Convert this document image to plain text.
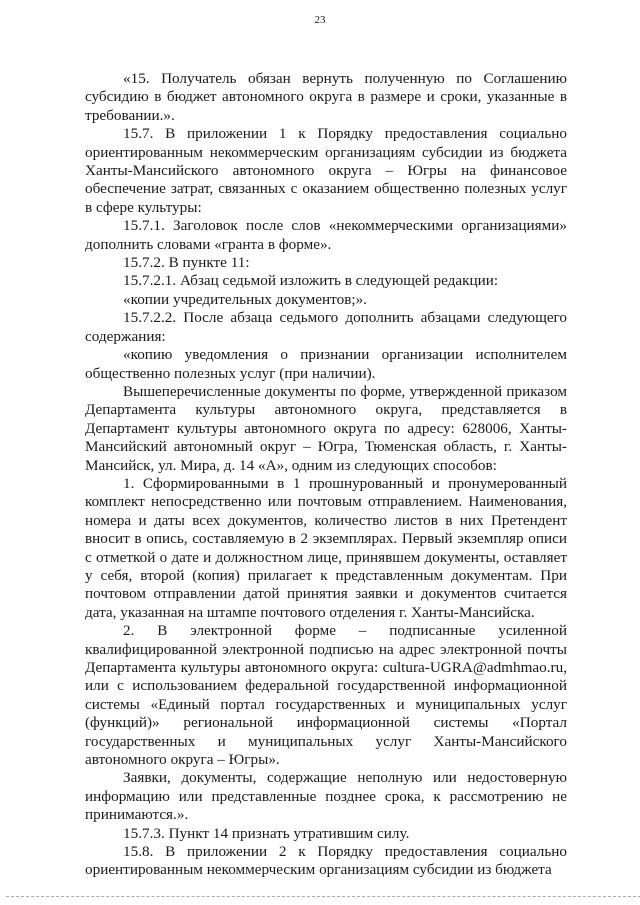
23

«15. Получатель обязан вернуть полученную по Соглашению субсидию в бюджет автономного округа в размере и сроки, указанные в требовании.».

15.7. В приложении 1 к Порядку предоставления социально ориентированным некоммерческим организациям субсидии из бюджета Ханты-Мансийского автономного округа – Югры на финансовое обеспечение затрат, связанных с оказанием общественно полезных услуг в сфере культуры:

15.7.1. Заголовок после слов «некоммерческими организациями» дополнить словами «гранта в форме».

15.7.2. В пункте 11:

15.7.2.1. Абзац седьмой изложить в следующей редакции:

«копии учредительных документов;».

15.7.2.2. После абзаца седьмого дополнить абзацами следующего содержания:

«копию уведомления о признании организации исполнителем общественно полезных услуг (при наличии).

Вышеперечисленные документы по форме, утвержденной приказом Департамента культуры автономного округа, представляется в Департамент культуры автономного округа по адресу: 628006, Ханты-Мансийский автономный округ – Югра, Тюменская область, г. Ханты-Мансийск, ул. Мира, д. 14 «А», одним из следующих способов:

1. Сформированными в 1 прошнурованный и пронумерованный комплект непосредственно или почтовым отправлением. Наименования, номера и даты всех документов, количество листов в них Претендент вносит в опись, составляемую в 2 экземплярах. Первый экземпляр описи с отметкой о дате и должностном лице, принявшем документы, оставляет у себя, второй (копия) прилагает к представленным документам. При почтовом отправлении датой принятия заявки и документов считается дата, указанная на штампе почтового отделения г. Ханты-Мансийска.

2. В электронной форме – подписанные усиленной квалифицированной электронной подписью на адрес электронной почты Департамента культуры автономного округа: cultura-UGRA@admhmao.ru, или с использованием федеральной государственной информационной системы «Единый портал государственных и муниципальных услуг (функций)» региональной информационной системы «Портал государственных и муниципальных услуг Ханты-Мансийского автономного округа – Югры».

Заявки, документы, содержащие неполную или недостоверную информацию или представленные позднее срока, к рассмотрению не принимаются.».

15.7.3. Пункт 14 признать утратившим силу.

15.8. В приложении 2 к Порядку предоставления социально ориентированным некоммерческим организациям субсидии из бюджета
